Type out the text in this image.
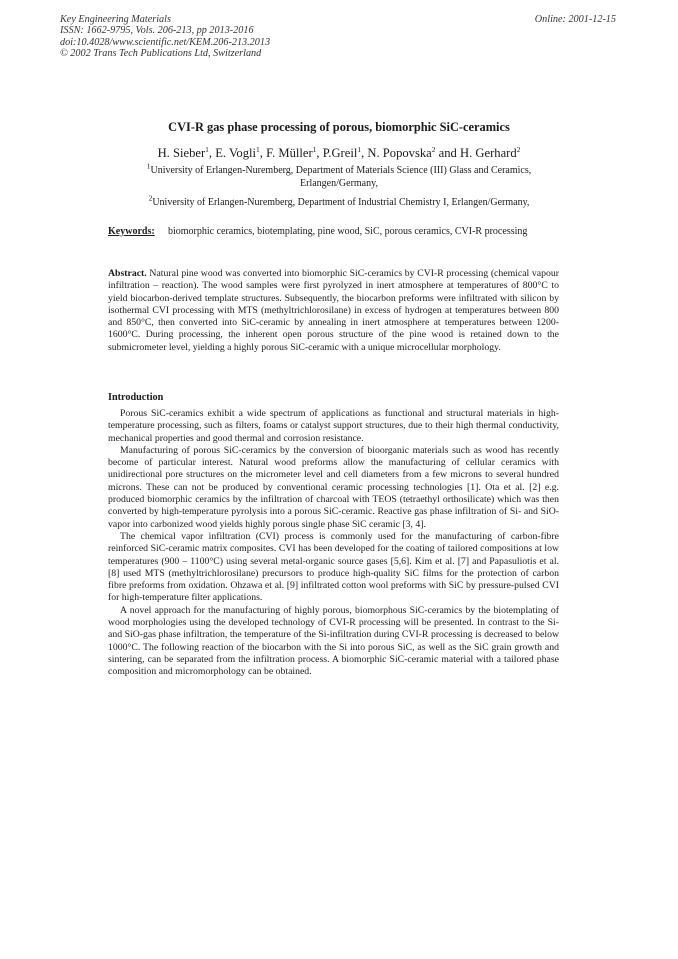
Key Engineering Materials
ISSN: 1662-9795, Vols. 206-213, pp 2013-2016
doi:10.4028/www.scientific.net/KEM.206-213.2013
© 2002 Trans Tech Publications Ltd, Switzerland
Online: 2001-12-15
CVI-R gas phase processing of porous, biomorphic SiC-ceramics
H. Sieber$^1$, E. Vogli$^1$, F. Müller$^1$, P.Greil$^1$, N. Popovska$^2$ and H. Gerhard$^2$
$^1$University of Erlangen-Nuremberg, Department of Materials Science (III) Glass and Ceramics, Erlangen/Germany,
$^2$University of Erlangen-Nuremberg, Department of Industrial Chemistry I, Erlangen/Germany,
Keywords:	biomorphic ceramics, biotemplating, pine wood, SiC, porous ceramics, CVI-R processing
Abstract. Natural pine wood was converted into biomorphic SiC-ceramics by CVI-R processing (chemical vapour infiltration – reaction). The wood samples were first pyrolyzed in inert atmosphere at temperatures of 800°C to yield biocarbon-derived template structures. Subsequently, the biocarbon preforms were infiltrated with silicon by isothermal CVI processing with MTS (methyltrichlorosilane) in excess of hydrogen at temperatures between 800 and 850°C, then converted into SiC-ceramic by annealing in inert atmosphere at temperatures between 1200-1600°C. During processing, the inherent open porous structure of the pine wood is retained down to the submicrometer level, yielding a highly porous SiC-ceramic with a unique microcellular morphology.
Introduction

Porous SiC-ceramics exhibit a wide spectrum of applications as functional and structural materials in high-temperature processing, such as filters, foams or catalyst support structures, due to their high thermal conductivity, mechanical properties and good thermal and corrosion resistance.

Manufacturing of porous SiC-ceramics by the conversion of bioorganic materials such as wood has recently become of particular interest. Natural wood preforms allow the manufacturing of cellular ceramics with unidirectional pore structures on the micrometer level and cell diameters from a few microns to several hundred microns. These can not be produced by conventional ceramic processing technologies [1]. Ota et al. [2] e.g. produced biomorphic ceramics by the infiltration of charcoal with TEOS (tetraethyl orthosilicate) which was then converted by high-temperature pyrolysis into a porous SiC-ceramic. Reactive gas phase infiltration of Si- and SiO-vapor into carbonized wood yields highly porous single phase SiC ceramic [3, 4].

The chemical vapor infiltration (CVI) process is commonly used for the manufacturing of carbon-fibre reinforced SiC-ceramic matrix composites. CVI has been developed for the coating of tailored compositions at low temperatures (900 – 1100°C) using several metal-organic source gases [5,6]. Kim et al. [7] and Papasuliotis et al. [8] used MTS (methyltrichlorosilane) precursors to produce high-quality SiC films for the protection of carbon fibre preforms from oxidation. Ohzawa et al. [9] infiltrated cotton wool preforms with SiC by pressure-pulsed CVI for high-temperature filter applications.

A novel approach for the manufacturing of highly porous, biomorphous SiC-ceramics by the biotemplating of wood morphologies using the developed technology of CVI-R processing will be presented. In contrast to the Si- and SiO-gas phase infiltration, the temperature of the Si-infiltration during CVI-R processing is decreased to below 1000°C. The following reaction of the biocarbon with the Si into porous SiC, as well as the SiC grain growth and sintering, can be separated from the infiltration process. A biomorphic SiC-ceramic material with a tailored phase composition and micromorphology can be obtained.
